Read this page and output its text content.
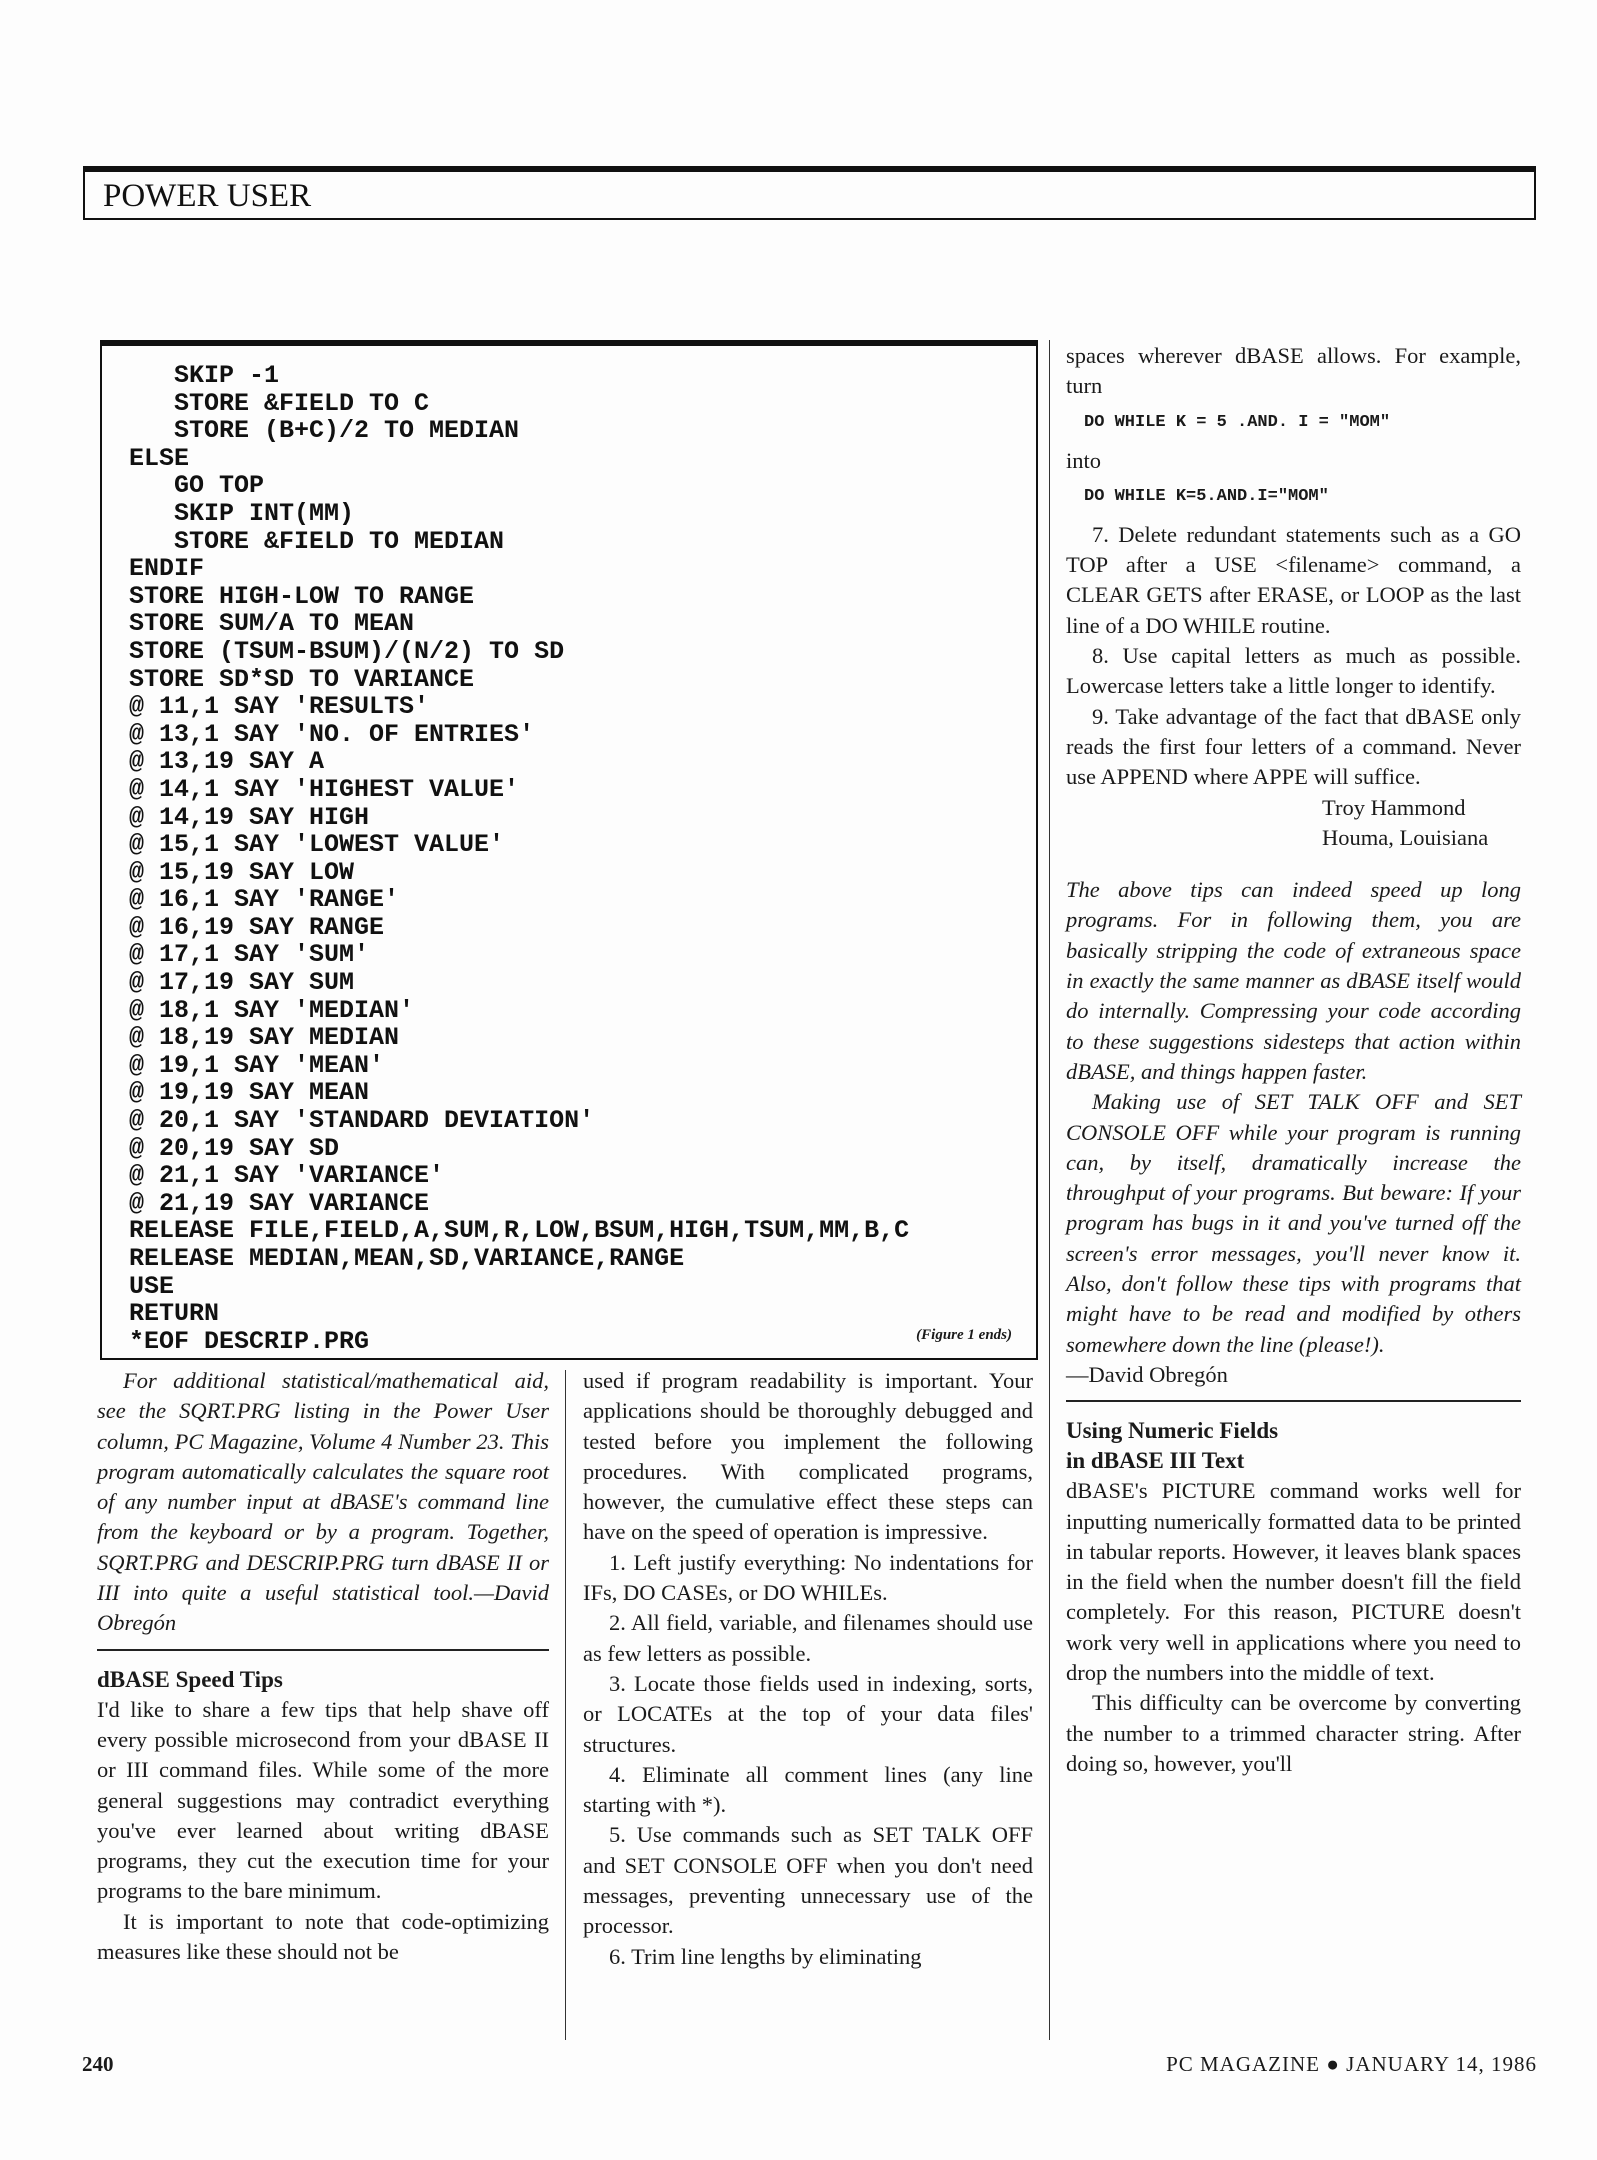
POWER USER
SKIP -1
STORE &FIELD TO C
STORE (B+C)/2 TO MEDIAN
ELSE
GO TOP
SKIP INT(MM)
STORE &FIELD TO MEDIAN
ENDIF
STORE HIGH-LOW TO RANGE
STORE SUM/A TO MEAN
STORE (TSUM-BSUM)/(N/2) TO SD
STORE SD*SD TO VARIANCE
@ 11,1 SAY 'RESULTS'
@ 13,1 SAY 'NO. OF ENTRIES'
@ 13,19 SAY A
@ 14,1 SAY 'HIGHEST VALUE'
@ 14,19 SAY HIGH
@ 15,1 SAY 'LOWEST VALUE'
@ 15,19 SAY LOW
@ 16,1 SAY 'RANGE'
@ 16,19 SAY RANGE
@ 17,1 SAY 'SUM'
@ 17,19 SAY SUM
@ 18,1 SAY 'MEDIAN'
@ 18,19 SAY MEDIAN
@ 19,1 SAY 'MEAN'
@ 19,19 SAY MEAN
@ 20,1 SAY 'STANDARD DEVIATION'
@ 20,19 SAY SD
@ 21,1 SAY 'VARIANCE'
@ 21,19 SAY VARIANCE
RELEASE FILE,FIELD,A,SUM,R,LOW,BSUM,HIGH,TSUM,MM,B,C
RELEASE MEDIAN,MEAN,SD,VARIANCE,RANGE
USE
RETURN
*EOF DESCRIP.PRG	(Figure 1 ends)

For additional statistical/mathematical aid, see the SQRT.PRG listing in the Power User column, PC Magazine, Volume 4 Number 23. This program automatically calculates the square root of any number input at dBASE's command line from the keyboard or by a program. Together, SQRT.PRG and DESCRIP.PRG turn dBASE II or III into quite a useful statistical tool.—David Obregón

dBASE Speed Tips

I'd like to share a few tips that help shave off every possible microsecond from your dBASE II or III command files. While some of the more general suggestions may contradict everything you've ever learned about writing dBASE programs, they cut the execution time for your programs to the bare minimum.

It is important to note that code-optimizing measures like these should not be

used if program readability is important. Your applications should be thoroughly debugged and tested before you implement the following procedures. With complicated programs, however, the cumulative effect these steps can have on the speed of operation is impressive.

1. Left justify everything: No indentations for IFs, DO CASEs, or DO WHILEs.

2. All field, variable, and filenames should use as few letters as possible.

3. Locate those fields used in indexing, sorts, or LOCATEs at the top of your data files' structures.

4. Eliminate all comment lines (any line starting with *).

5. Use commands such as SET TALK OFF and SET CONSOLE OFF when you don't need messages, preventing unnecessary use of the processor.

6. Trim line lengths by eliminating

spaces wherever dBASE allows. For example, turn

DO WHILE K = 5 .AND. I = "MOM"

into

DO WHILE K=5.AND.I="MOM"

7. Delete redundant statements such as a GO TOP after a USE <filename> command, a CLEAR GETS after ERASE, or LOOP as the last line of a DO WHILE routine.

8. Use capital letters as much as possible. Lowercase letters take a little longer to identify.

9. Take advantage of the fact that dBASE only reads the first four letters of a command. Never use APPEND where APPE will suffice.

Troy Hammond

Houma, Louisiana

The above tips can indeed speed up long programs. For in following them, you are basically stripping the code of extraneous space in exactly the same manner as dBASE itself would do internally. Compressing your code according to these suggestions sidesteps that action within dBASE, and things happen faster.

Making use of SET TALK OFF and SET CONSOLE OFF while your program is running can, by itself, dramatically increase the throughput of your programs. But beware: If your program has bugs in it and you've turned off the screen's error messages, you'll never know it. Also, don't follow these tips with programs that might have to be read and modified by others somewhere down the line (please!).

—David Obregón

Using Numeric Fields

in dBASE III Text

dBASE's PICTURE command works well for inputting numerically formatted data to be printed in tabular reports. However, it leaves blank spaces in the field when the number doesn't fill the field completely. For this reason, PICTURE doesn't work very well in applications where you need to drop the numbers into the middle of text.

This difficulty can be overcome by converting the number to a trimmed character string. After doing so, however, you'll

240	PC MAGAZINE ● JANUARY 14, 1986
